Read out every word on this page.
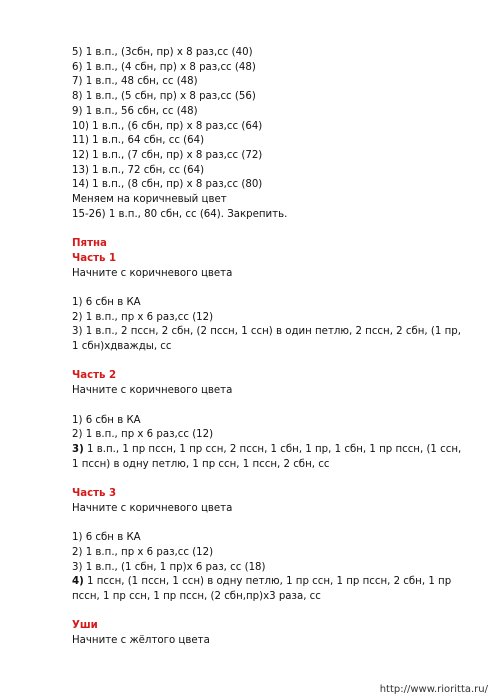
5) 1 в.п., (3сбн, пр) х 8 раз,сс (40)

6) 1 в.п., (4 сбн, пр) х 8 раз,сс (48)

7) 1 в.п., 48 сбн, сс (48)

8) 1 в.п., (5 сбн, пр) х 8 раз,сс (56)

9) 1 в.п., 56 сбн, сс (48)

10) 1 в.п., (6 сбн, пр) х 8 раз,сс (64)

11) 1 в.п., 64 сбн, сс (64)

12) 1 в.п., (7 сбн, пр) х 8 раз,сс (72)

13) 1 в.п., 72 сбн, сс (64)

14) 1 в.п., (8 сбн, пр) х 8 раз,сс (80)

Меняем на коричневый цвет

15-26) 1 в.п., 80 сбн, сс (64). Закрепить.

Пятна

Часть 1

Начните с коричневого цвета

1) 6 сбн в КА

2) 1 в.п., пр х 6 раз,сс (12)

3) 1 в.п., 2 пссн, 2 сбн, (2 пссн, 1 ссн) в один петлю, 2 пссн, 2 сбн, (1 пр, 1 сбн)хдважды, сс

Часть 2

Начните с коричневого цвета

1) 6 сбн в КА

2) 1 в.п., пр х 6 раз,сс (12)

3) 1 в.п., 1 пр пссн, 1 пр ссн, 2 пссн, 1 сбн, 1 пр, 1 сбн, 1 пр пссн, (1 ссн, 1 пссн) в одну петлю, 1 пр ссн, 1 пссн, 2 сбн, сс

Часть 3

Начните с коричневого цвета

1) 6 сбн в КА

2) 1 в.п., пр х 6 раз,сс (12)

3) 1 в.п., (1 сбн, 1 пр)х 6 раз, сс (18)

4) 1 пссн, (1 пссн, 1 ссн) в одну петлю, 1 пр ссн, 1 пр пссн, 2 сбн, 1 пр пссн, 1 пр ссн, 1 пр пссн, (2 сбн,пр)х3 раза, сс

Уши

Начните с жёлтого цвета

http://www.rioritta.ru/
